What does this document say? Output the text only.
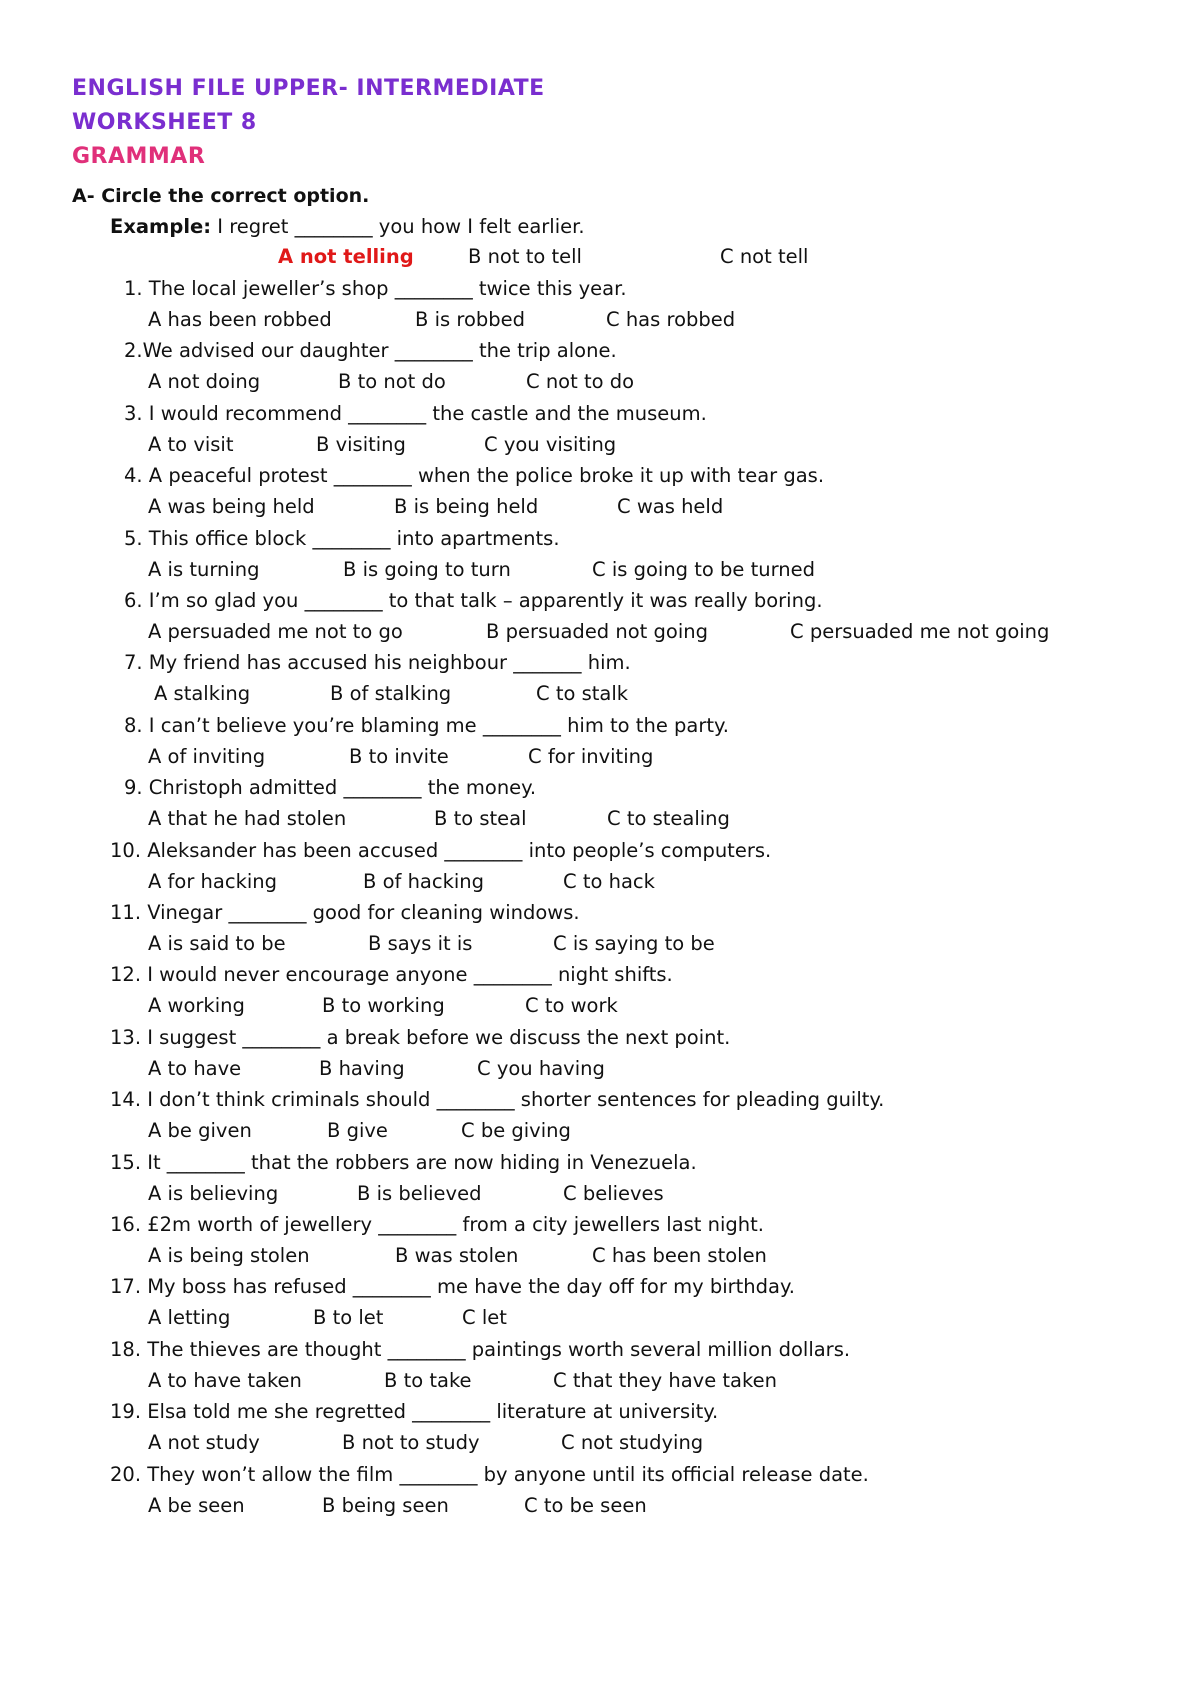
ENGLISH FILE UPPER- INTERMEDIATE
WORKSHEET 8
GRAMMAR
A- Circle the correct option.
Example: I regret ________ you how I felt earlier.
A not telling	B not to tell	C not tell
1. The local jeweller’s shop ________ twice this year.
A has been robbed	B is robbed	C has robbed
2.We advised our daughter ________ the trip alone.
A not doing	B to not do	C not to do
3. I would recommend ________ the castle and the museum.
A to visit	B visiting	C you visiting
4. A peaceful protest ________ when the police broke it up with tear gas.
A was being held	B is being held	C was held
5. This office block ________ into apartments.
A is turning	B is going to turn	C is going to be turned
6. I’m so glad you ________ to that talk – apparently it was really boring.
A persuaded me not to go	B persuaded not going	C persuaded me not going
7. My friend has accused his neighbour _______ him.
A stalking	B of stalking	C to stalk
8. I can’t believe you’re blaming me ________ him to the party.
A of inviting	B to invite	C for inviting
9. Christoph admitted ________ the money.
A that he had stolen	B to steal	C to stealing
10. Aleksander has been accused ________ into people’s computers.
A for hacking	B of hacking	C to hack
11. Vinegar ________ good for cleaning windows.
A is said to be	B says it is	C is saying to be
12. I would never encourage anyone ________ night shifts.
A working	B to working	C to work
13. I suggest ________ a break before we discuss the next point.
A to have	B having	C you having
14. I don’t think criminals should ________ shorter sentences for pleading guilty.
A be given	B give	C be giving
15. It ________ that the robbers are now hiding in Venezuela.
A is believing	B is believed	C believes
16. £2m worth of jewellery ________ from a city jewellers last night.
A is being stolen	B was stolen	C has been stolen
17. My boss has refused ________ me have the day off for my birthday.
A letting	B to let	C let
18. The thieves are thought ________ paintings worth several million dollars.
A to have taken	B to take	C that they have taken
19. Elsa told me she regretted ________ literature at university.
A not study	B not to study	C not studying
20. They won’t allow the film ________ by anyone until its official release date.
A be seen	B being seen	C to be seen
